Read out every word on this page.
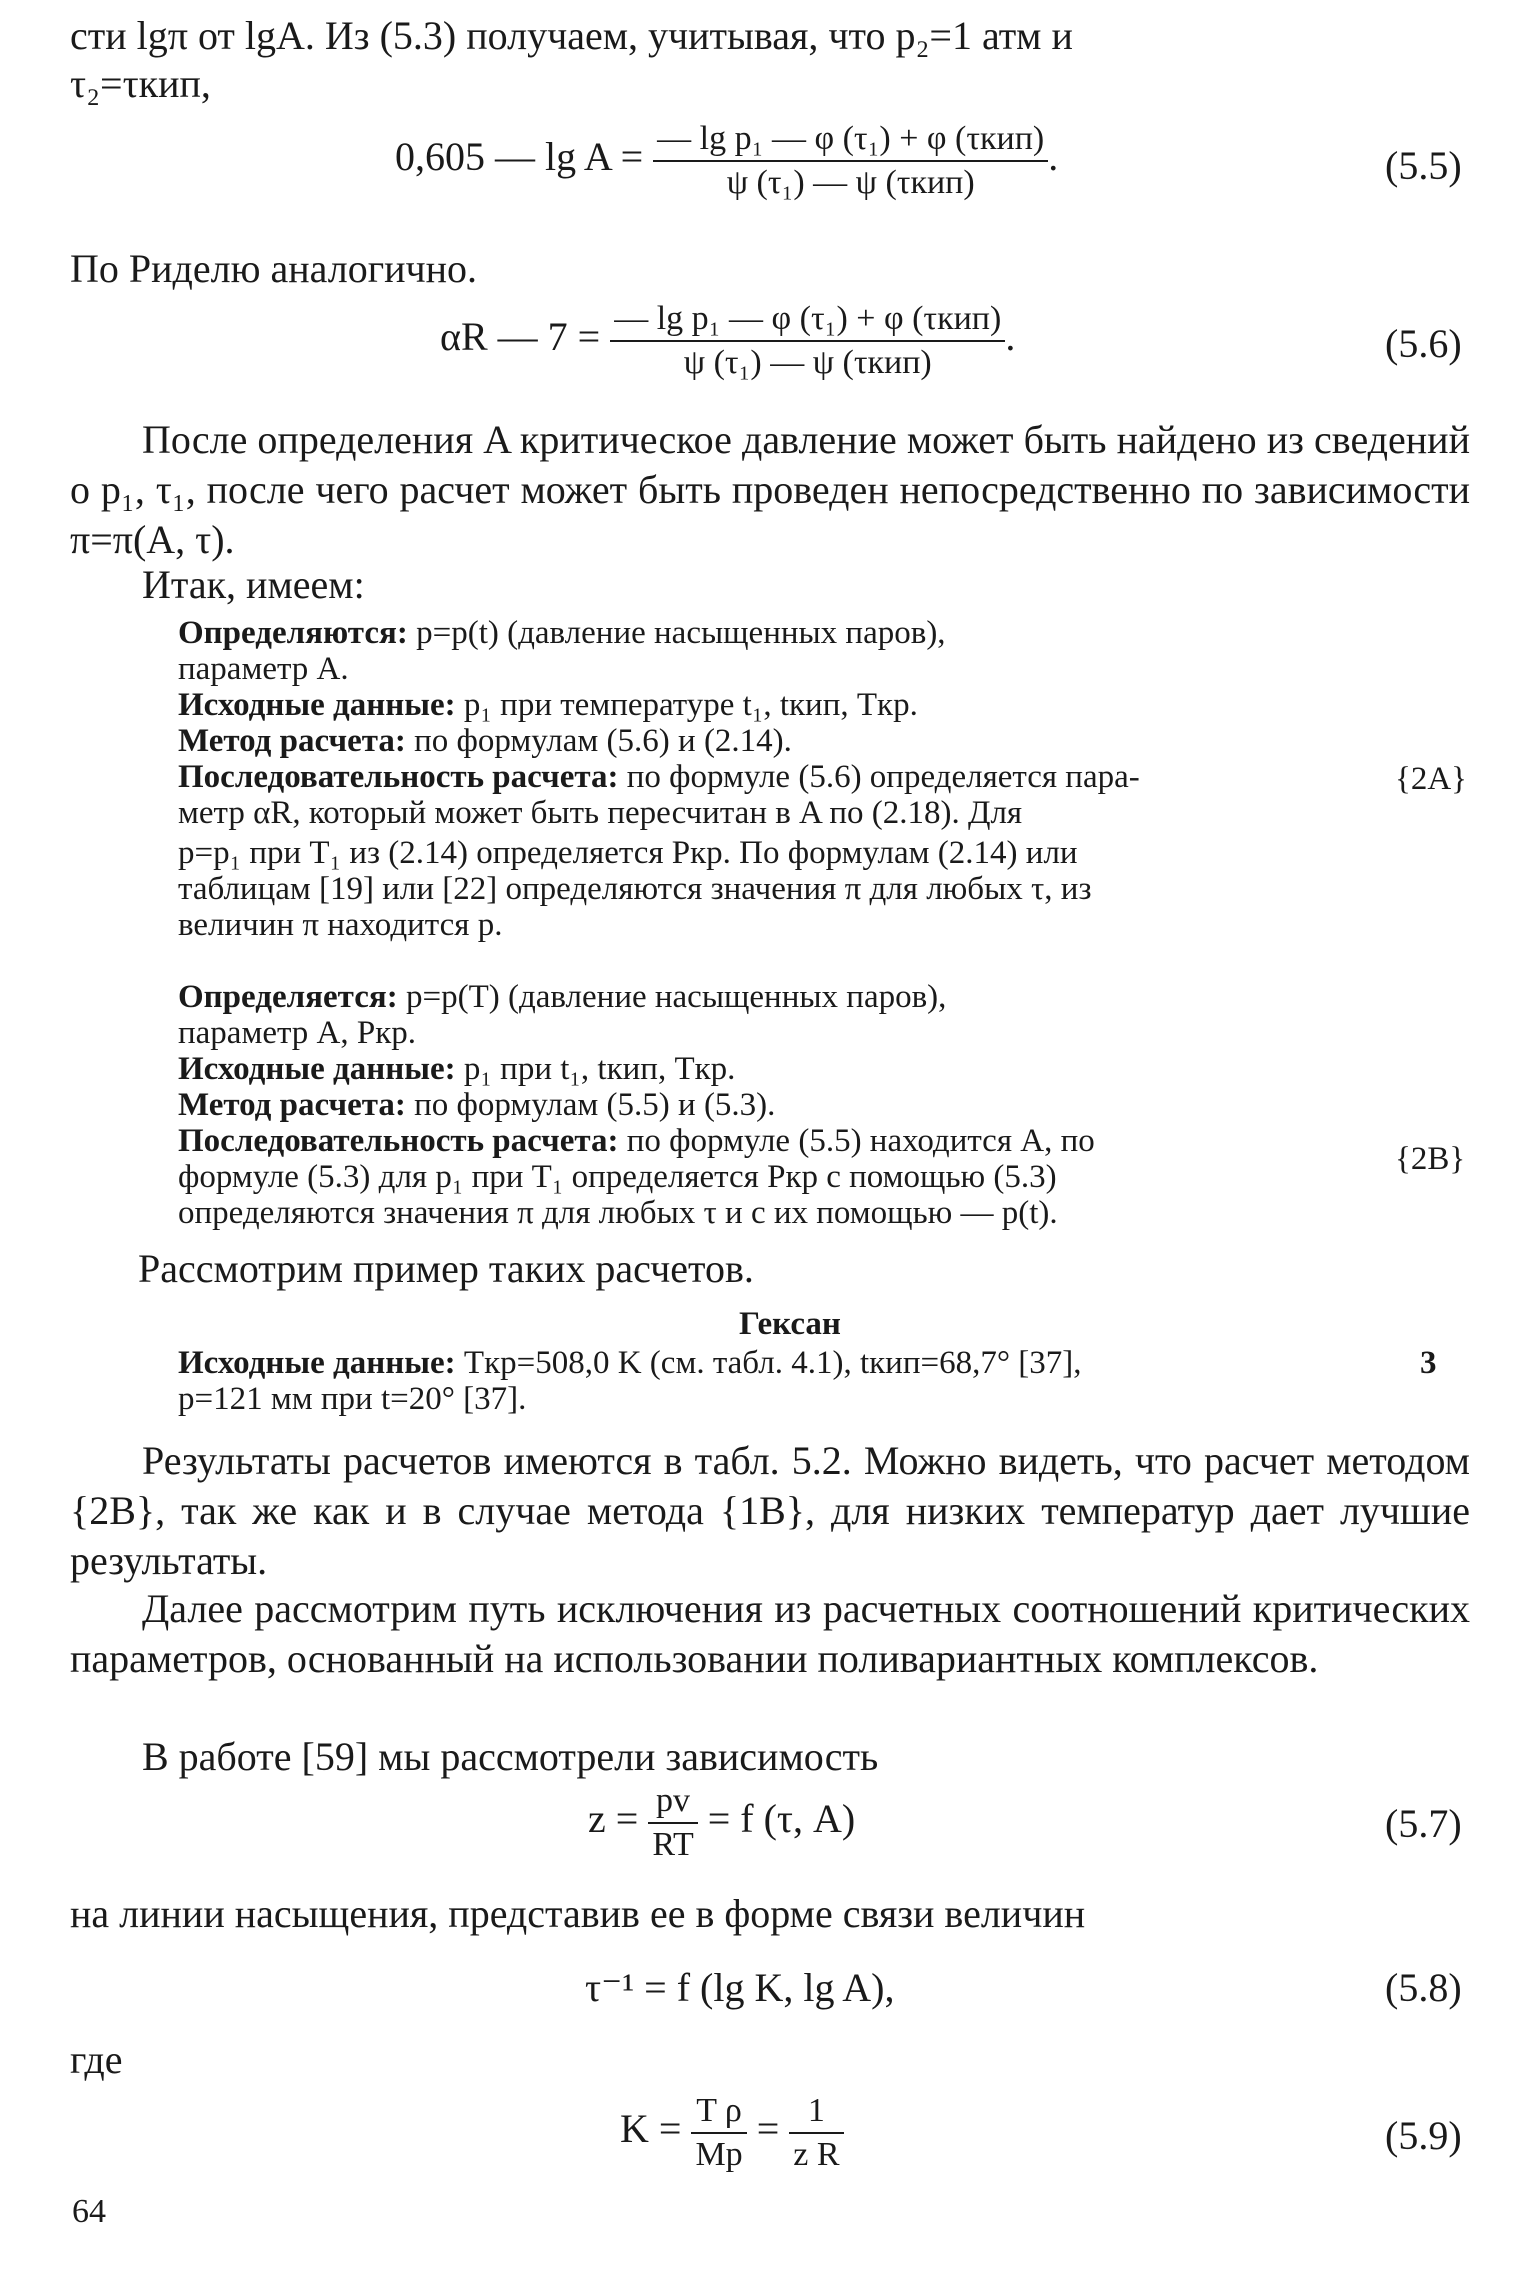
сти lgπ от lgA. Из (5.3) получаем, учитывая, что p₂=1 атм и
τ₂=τкип,
0,605 — $\lg A = \frac{\text{— lg p₁ — φ (τ₁) + φ (τкип)}}{\text{ψ (τ₁) — ψ (τкип)}}$ .	(5.5)
По Риделю аналогично.
αR — $7 = \frac{\text{— lg p₁ — φ (τ₁) + φ (τкип)}}{\text{ψ (τ₁) — ψ (τкип)}}$ .	(5.6)
После определения A критическое давление может быть найдено из сведений о p₁, τ₁, после чего расчет может быть проведен непосредственно по зависимости π=π(A, τ).
Итак, имеем:
Определяются: p=p(t) (давление насыщенных паров),
параметр A.
Исходные данные: p₁ при температуре t₁, tкип, Tкр.
Метод расчета: по формулам (5.6) и (2.14).
Последовательность расчета: по формуле (5.6) определяется пара-
метр αR, который может быть пересчитан в A по (2.18). Для
p=p₁ при T₁ из (2.14) определяется Pкр. По формулам (2.14) или
таблицам [19] или [22] определяются значения π для любых τ, из
величин π находится p.
{2A}
Определяется: p=p(T) (давление насыщенных паров),
параметр A, Pкр.
Исходные данные: p₁ при t₁, tкип, Tкр.
Метод расчета: по формулам (5.5) и (5.3).
Последовательность расчета: по формуле (5.5) находится A, по
формуле (5.3) для p₁ при T₁ определяется Pкр с помощью (5.3)
определяются значения π для любых τ и с их помощью — p(t).
{2B}
Рассмотрим пример таких расчетов.
Гексан
Исходные данные: Tкр=508,0 K (см. табл. 4.1), tкип=68,7° [37],	3
p=121 мм при t=20° [37].
Результаты расчетов имеются в табл. 5.2. Можно видеть, что расчет методом {2B}, так же как и в случае метода {1B}, для низких температур дает лучшие результаты.
Далее рассмотрим путь исключения из расчетных соотношений критических параметров, основанный на использовании поливариантных комплексов.
В работе [59] мы рассмотрели зависимость
$z = \frac{pv}{RT} = f$ (τ, A)	(5.7)
на линии насыщения, представив ее в форме связи величин
τ⁻¹ = f (lg K, lg A),	(5.8)
где
$K = \frac{\text{T ρ}}{Mp} = \frac{1}{\text{z R}}$	(5.9)
64
